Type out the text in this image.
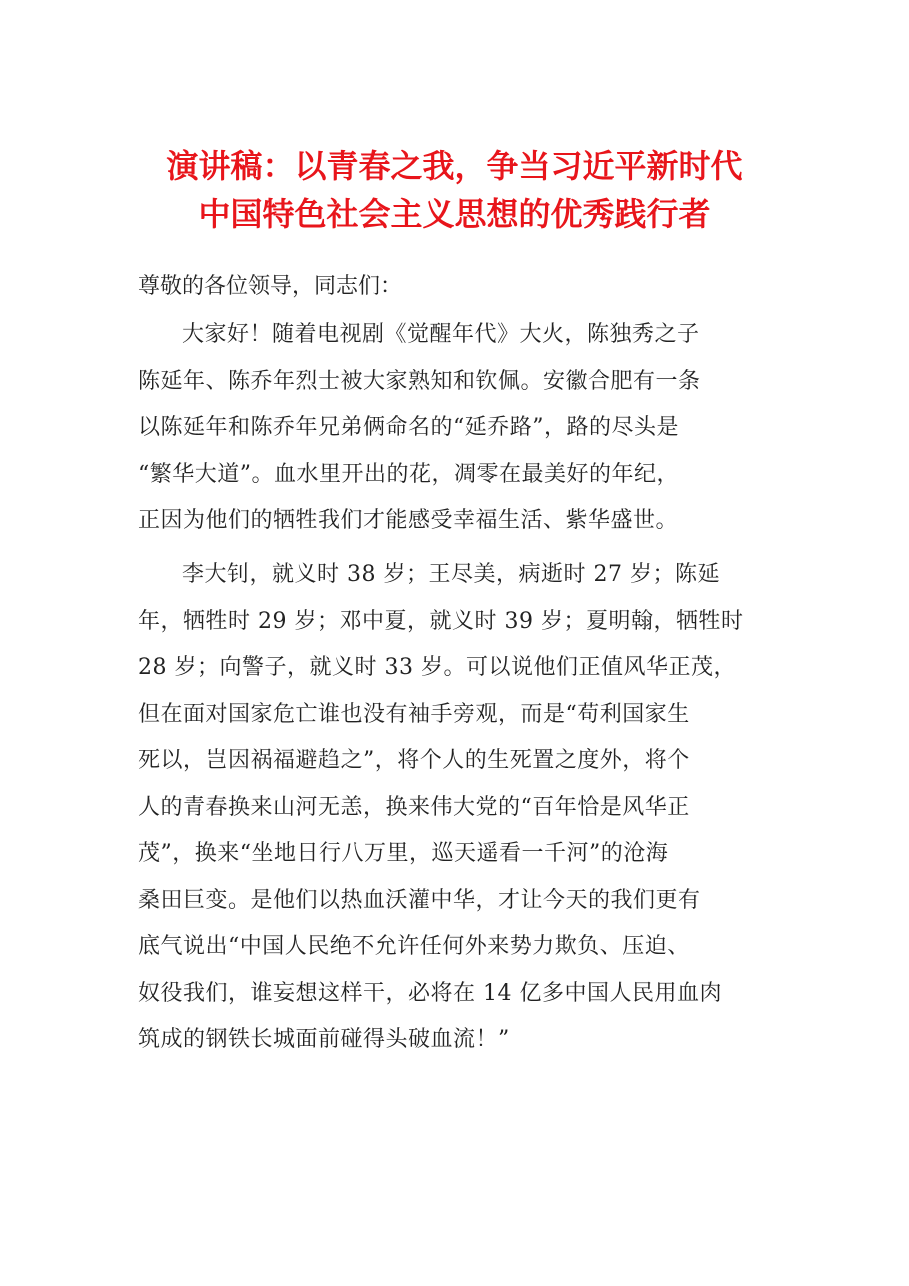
演讲稿：以青春之我，争当习近平新时代
中国特色社会主义思想的优秀践行者

尊敬的各位领导，同志们：

大家好！随着电视剧《觉醒年代》大火，陈独秀之子
陈延年、陈乔年烈士被大家熟知和钦佩。安徽合肥有一条
以陈延年和陈乔年兄弟俩命名的“延乔路”，路的尽头是
“繁华大道”。血水里开出的花，凋零在最美好的年纪，
正因为他们的牺牲我们才能感受幸福生活、紫华盛世。
李大钊，就义时 38 岁；王尽美，病逝时 27 岁；陈延
年，牺牲时 29 岁；邓中夏，就义时 39 岁；夏明翰，牺牲时
28 岁；向警子，就义时 33 岁。可以说他们正值风华正茂，
但在面对国家危亡谁也没有袖手旁观，而是“苟利国家生
死以，岂因祸福避趋之”，将个人的生死置之度外，将个
人的青春换来山河无恙，换来伟大党的“百年恰是风华正
茂”，换来“坐地日行八万里，巡天遥看一千河”的沧海
桑田巨变。是他们以热血沃灌中华，才让今天的我们更有
底气说出“中国人民绝不允许任何外来势力欺负、压迫、
奴役我们，谁妄想这样干，必将在 14 亿多中国人民用血肉
筑成的钢铁长城面前碰得头破血流！”
